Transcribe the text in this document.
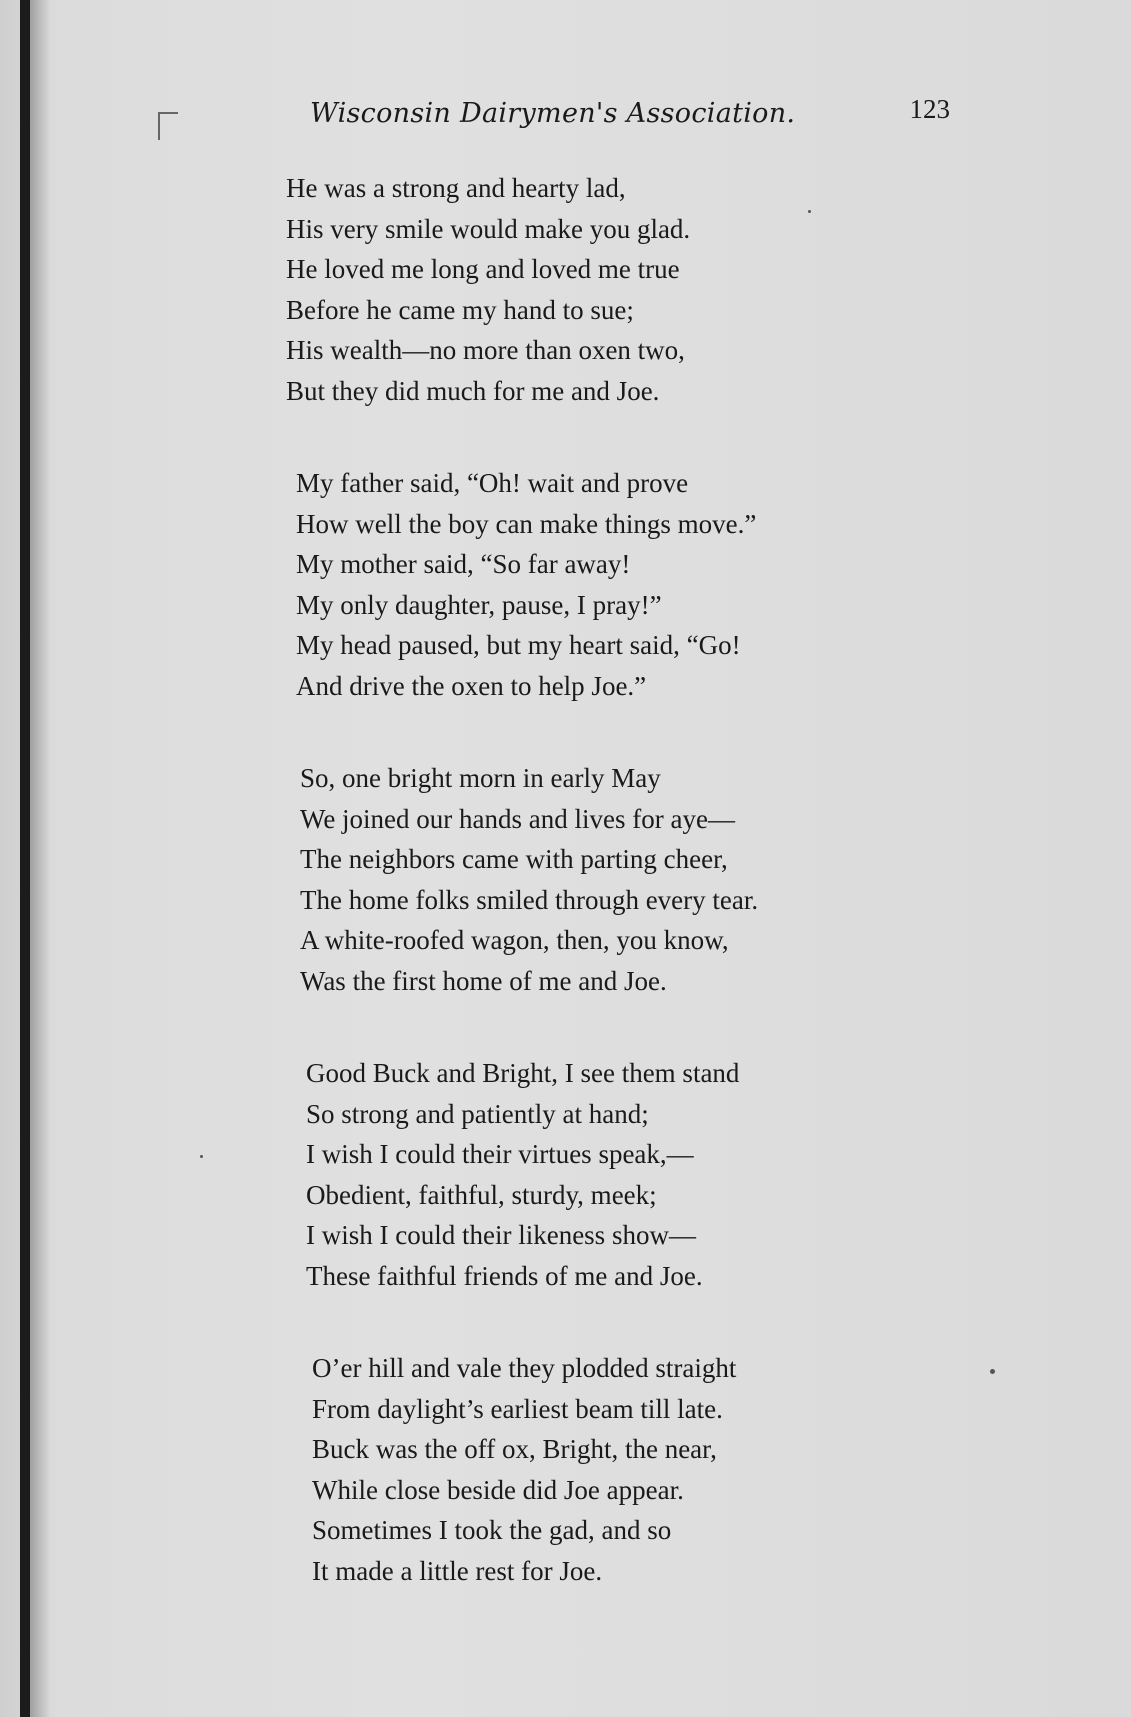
Wisconsin Dairymen's Association.	123
He was a strong and hearty lad,
His very smile would make you glad.
He loved me long and loved me true
Before he came my hand to sue;
His wealth—no more than oxen two,
But they did much for me and Joe.
My father said, “Oh! wait and prove
How well the boy can make things move.”
My mother said, “So far away!
My only daughter, pause, I pray!”
My head paused, but my heart said, “Go!
And drive the oxen to help Joe.”
So, one bright morn in early May
We joined our hands and lives for aye—
The neighbors came with parting cheer,
The home folks smiled through every tear.
A white-roofed wagon, then, you know,
Was the first home of me and Joe.
Good Buck and Bright, I see them stand
So strong and patiently at hand;
I wish I could their virtues speak,—
Obedient, faithful, sturdy, meek;
I wish I could their likeness show—
These faithful friends of me and Joe.
O’er hill and vale they plodded straight
From daylight’s earliest beam till late.
Buck was the off ox, Bright, the near,
While close beside did Joe appear.
Sometimes I took the gad, and so
It made a little rest for Joe.
